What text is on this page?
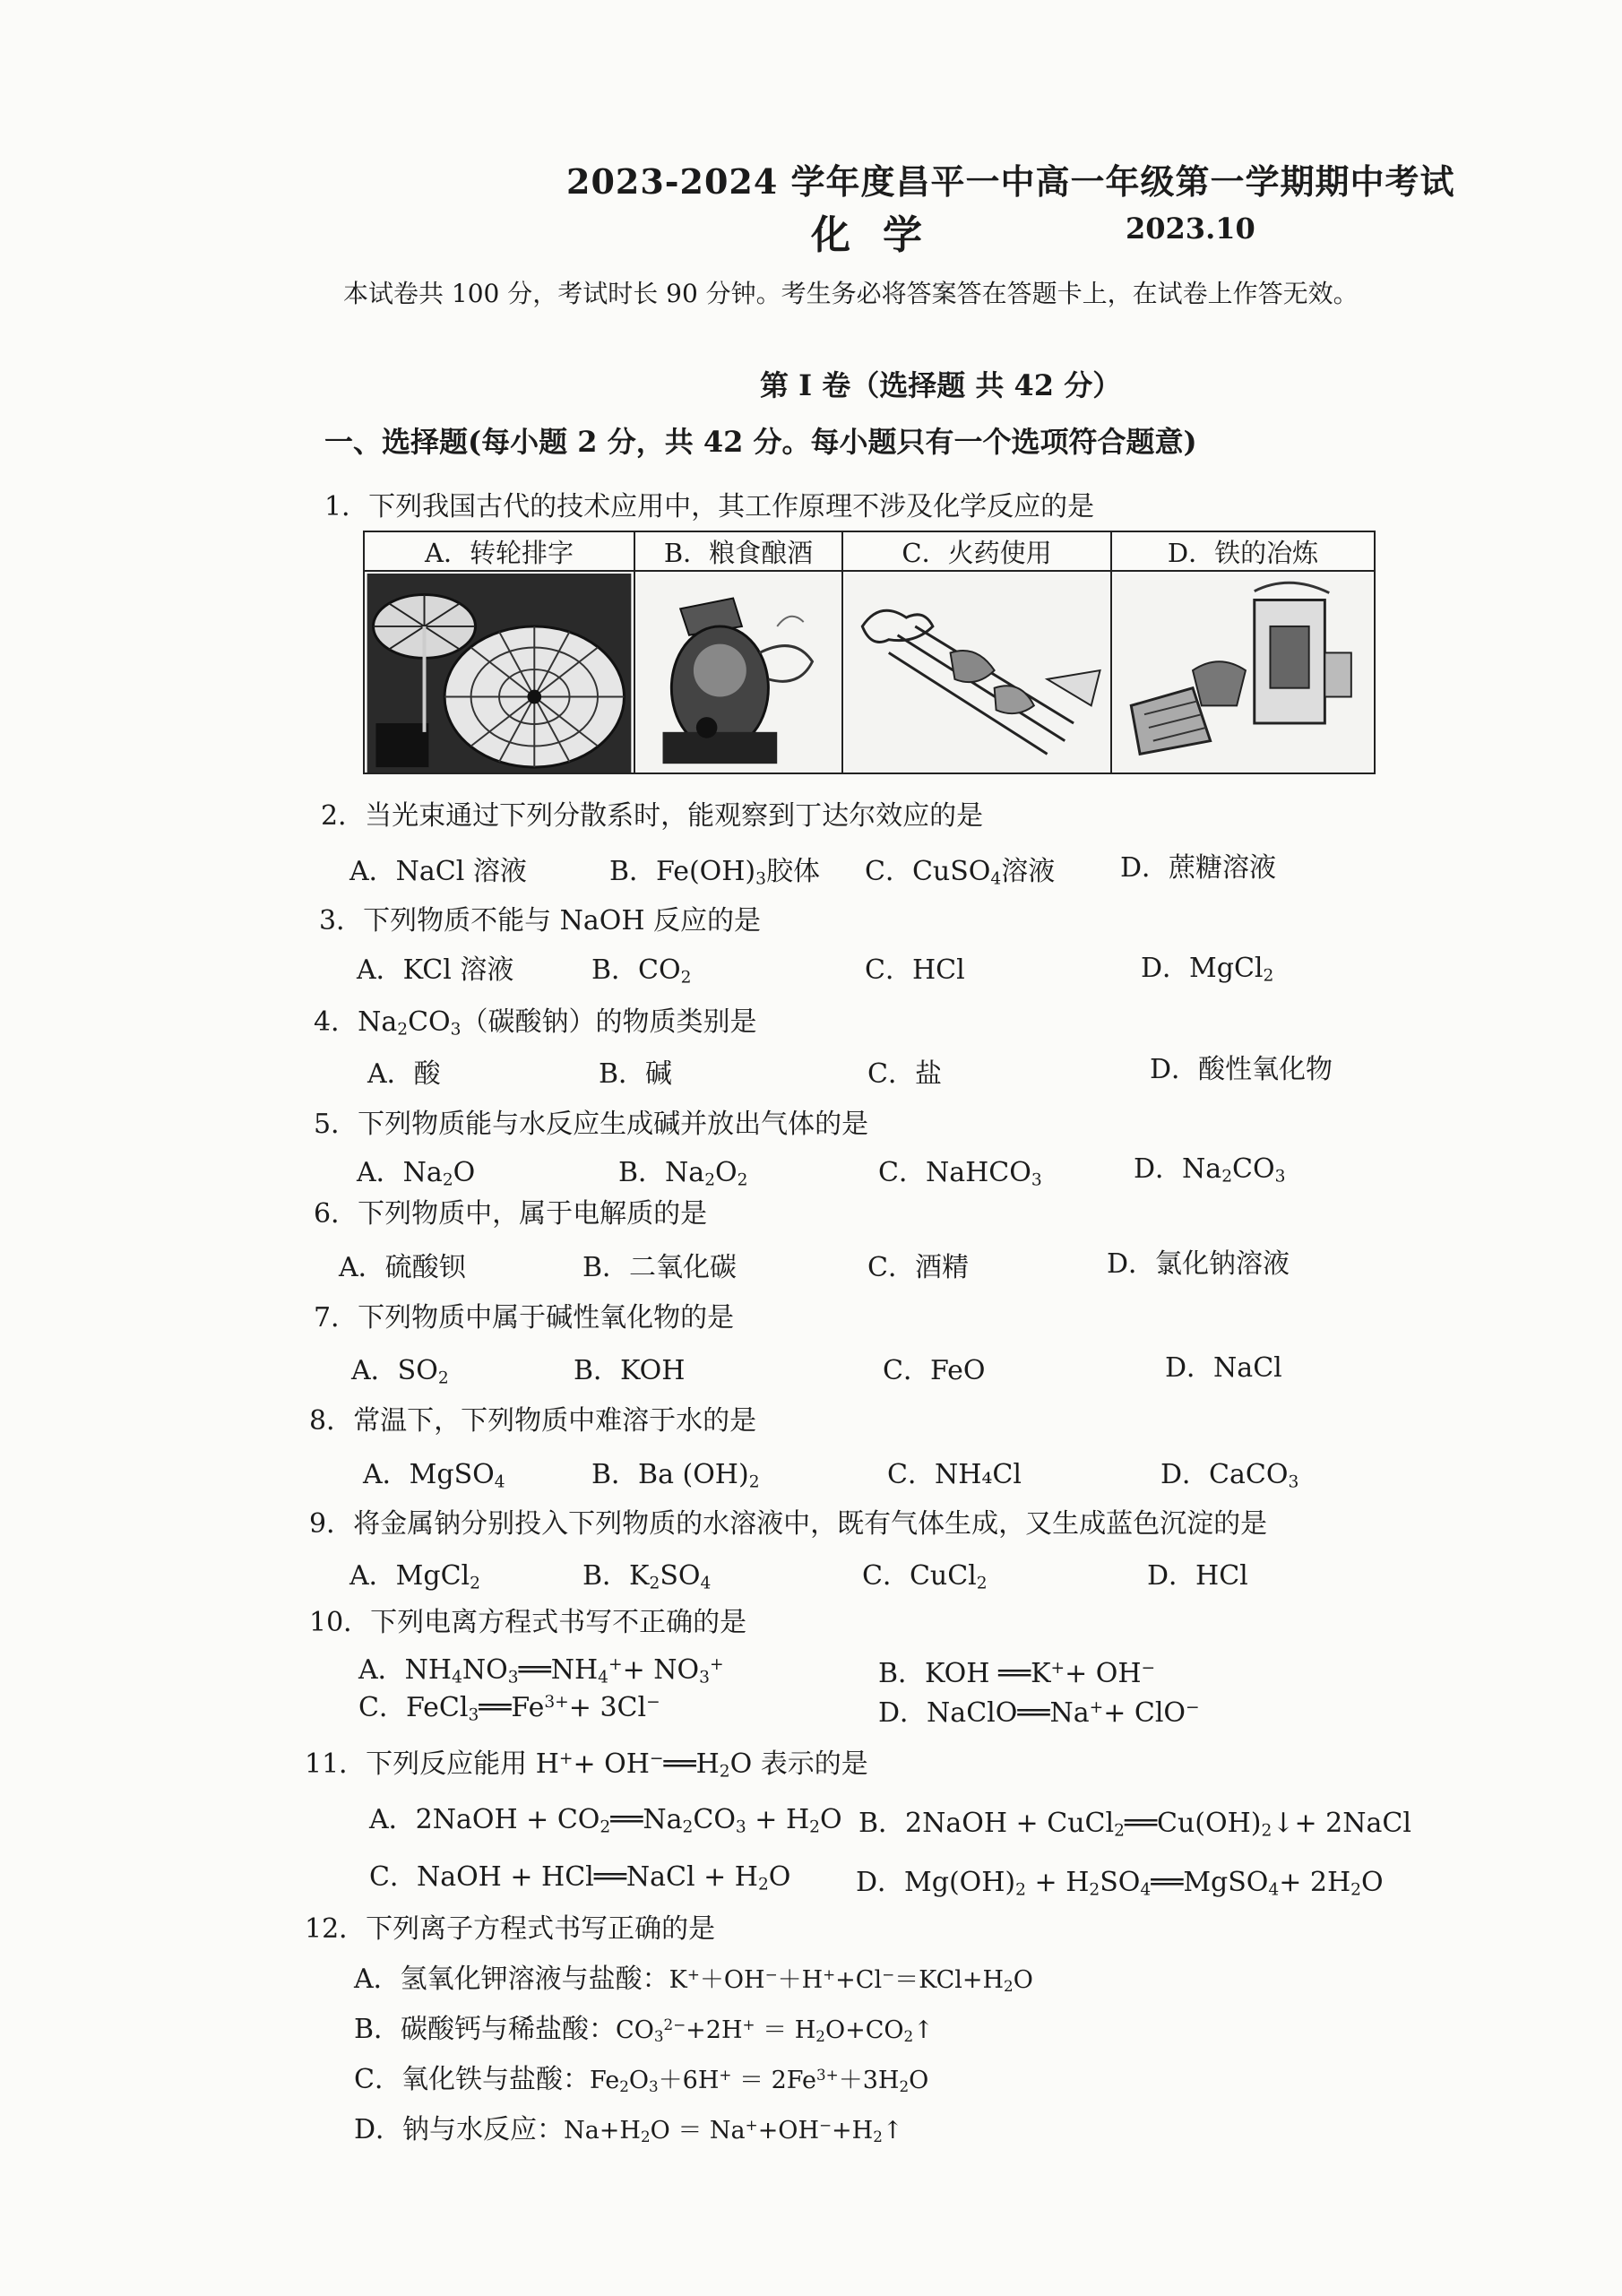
2023-2024 学年度昌平一中高一年级第一学期期中考试
化学	2023.10
本试卷共 100 分，考试时长 90 分钟。考生务必将答案答在答题卡上，在试卷上作答无效。
第 I 卷（选择题 共 42 分）
一、选择题(每小题 2 分，共 42 分。每小题只有一个选项符合题意)
1．下列我国古代的技术应用中，其工作原理不涉及化学反应的是
A．转轮排字	B．粮食酿酒	C．火药使用	D．铁的冶炼
2．当光束通过下列分散系时，能观察到丁达尔效应的是
A．NaCl 溶液	B．$Fe(OH)_3$胶体 C．CuSO$_4$溶液 D．蔗糖溶液
3．下列物质不能与 NaOH 反应的是
A．KCl 溶液	B．$CO_2$	C．HCl	D．MgCl$_2$
4．$Na_2CO_3$（碳酸钠）的物质类别是
A．酸	B．碱	C．盐	D．酸性氧化物
5．下列物质能与水反应生成碱并放出气体的是
A．$Na_2O$	B．$Na_2O_2$	C．NaHCO$_3$	D．$Na_2CO_3$
6．下列物质中，属于电解质的是
A．硫酸钡	B．二氧化碳	C．酒精	D．氯化钠溶液
7．下列物质中属于碱性氧化物的是
A．$SO_2$	B．KOH	C．FeO	D．NaCl
8．常温下，下列物质中难溶于水的是
A．MgSO$_4$	B．Ba $(OH)_2$	C．NH₄Cl	D．CaCO$_3$
9．将金属钠分别投入下列物质的水溶液中，既有气体生成，又生成蓝色沉淀的是
A．MgCl$_2$	B．$K_2SO_4$	C．CuCl$_2$	D．HCl
10．下列电离方程式书写不正确的是
A．$NH_4NO_3══NH_4^++ NO_3^+$	B．KOH ══K++ OH−
C．$FeCl_3══Fe^{3+}+ 3Cl^-$	D．NaClO══Na++ ClO−
11．下列反应能用 $H^++ OH^-══H_2O$ 表示的是
A．2NaOH + $CO_2══Na_2CO_3 + H_2O$ B．2NaOH + $CuCl_2══Cu(OH)_2↓+$ 2NaCl
C．NaOH + HCl══NaCl + $H_2O$ D．$Mg(OH)_2$ + $H_2SO_4══MgSO_4+ 2H_2O$
12．下列离子方程式书写正确的是
A．氢氧化钾溶液与盐酸：$K^++OH^-+H^++Cl^-=KCl+H_2O$
B．碳酸钙与稀盐酸：$CO_3^{2-}+2H^+$ ＝ $H_2O+CO_2↑$
C．氧化铁与盐酸：$Fe_2O_3+6H^+ = 2Fe^{3+}+3H_2O$
D．钠与水反应：$Na+H_2O$ ＝ $Na^++OH^-+H_2↑$
